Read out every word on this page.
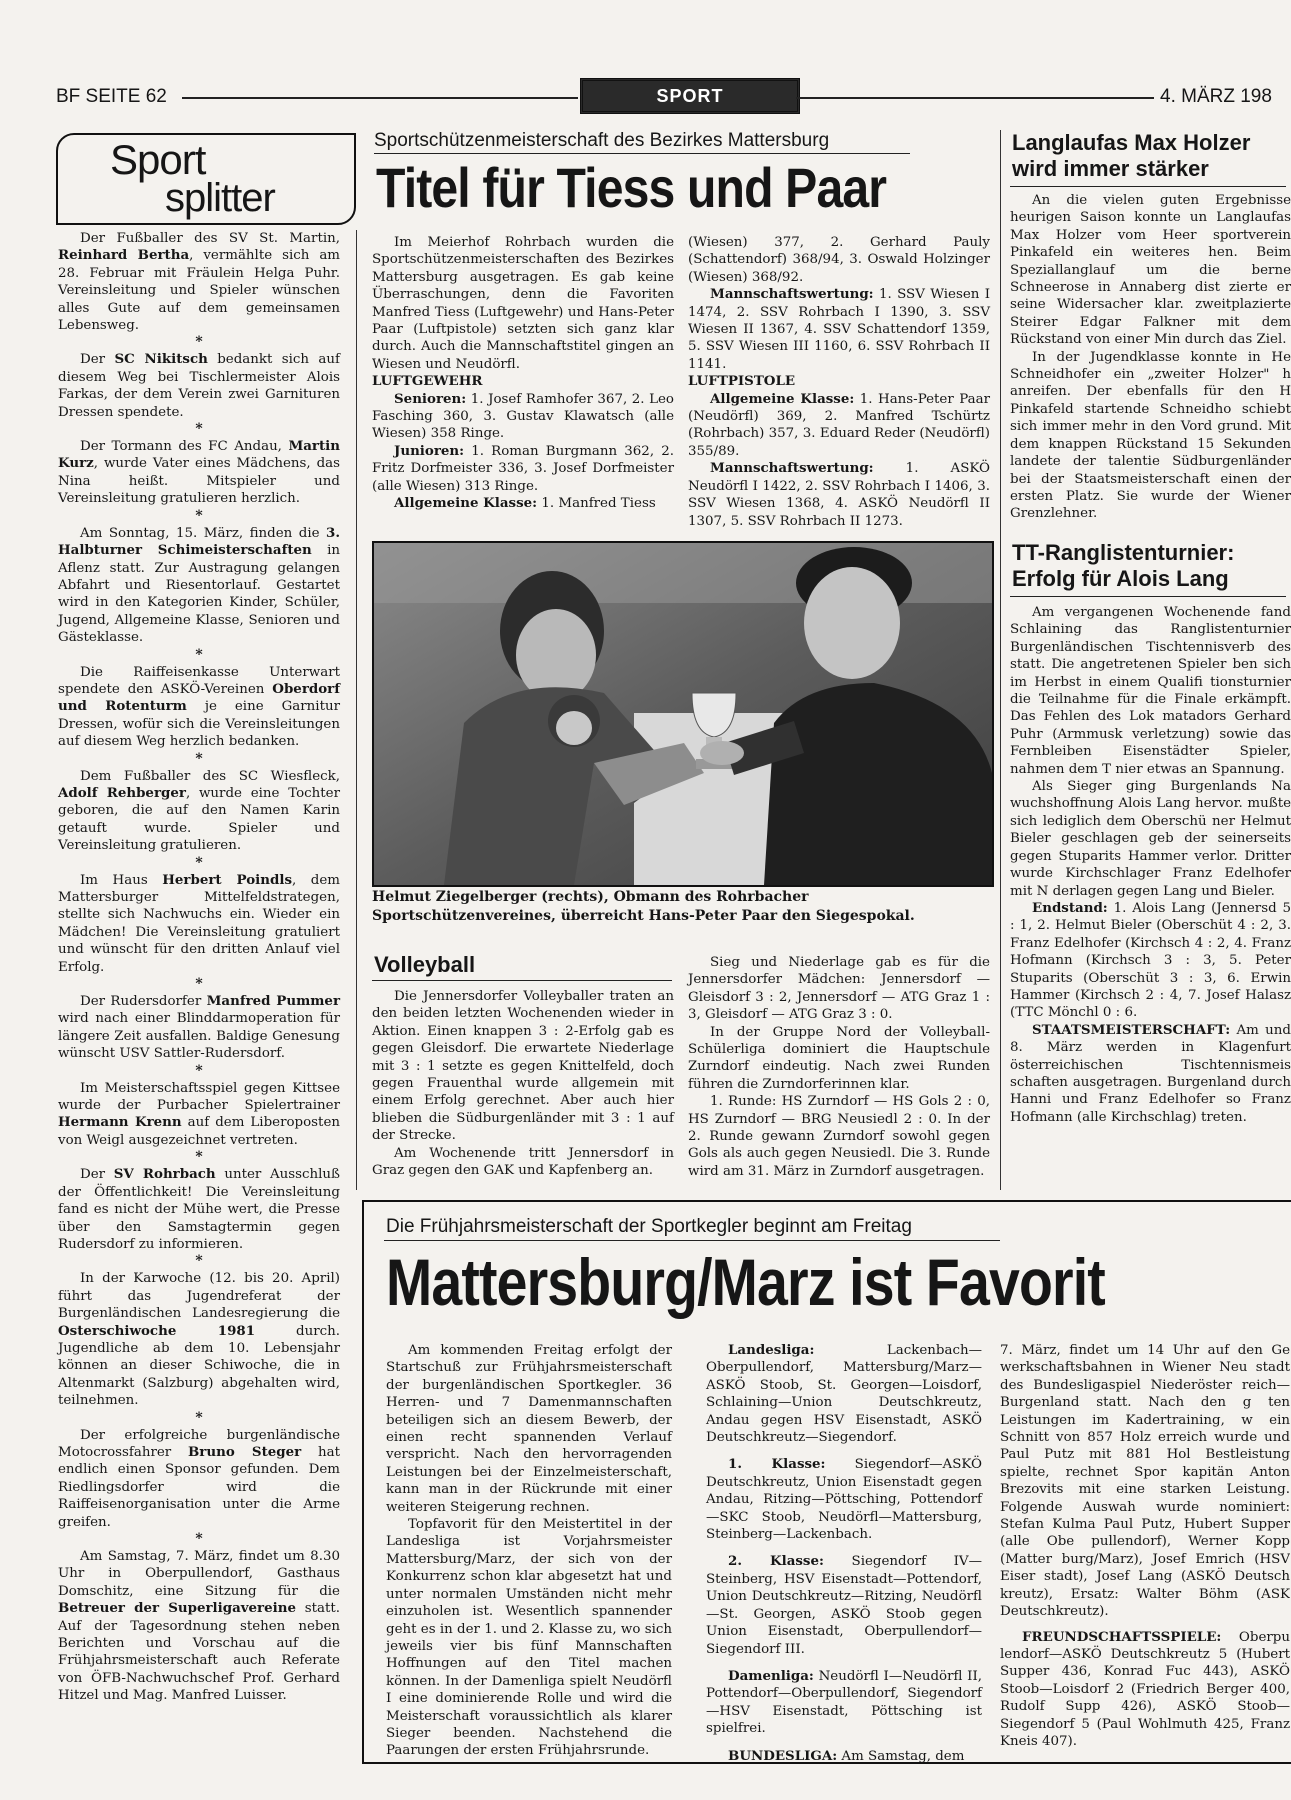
BF SEITE 62	SPORT	4. MÄRZ 198
Sport
splitter

Der Fußballer des SV St. Martin, Reinhard Bertha, vermählte sich am 28. Februar mit Fräulein Helga Puhr. Vereinsleitung und Spieler wünschen alles Gute auf dem gemeinsamen Lebensweg.

*

Der SC Nikitsch bedankt sich auf diesem Weg bei Tischlermeister Alois Farkas, der dem Verein zwei Garnituren Dressen spendete.

*

Der Tormann des FC Andau, Martin Kurz, wurde Vater eines Mädchens, das Nina heißt. Mitspieler und Vereinsleitung gratulieren herzlich.

*

Am Sonntag, 15. März, finden die 3. Halbturner Schimeisterschaften in Aflenz statt. Zur Austragung gelangen Abfahrt und Riesentorlauf. Gestartet wird in den Kategorien Kinder, Schüler, Jugend, Allgemeine Klasse, Senioren und Gästeklasse.

*

Die Raiffeisenkasse Unterwart spendete den ASKÖ-Vereinen Oberdorf und Rotenturm je eine Garnitur Dressen, wofür sich die Vereinsleitungen auf diesem Weg herzlich bedanken.

*

Dem Fußballer des SC Wiesfleck, Adolf Rehberger, wurde eine Tochter geboren, die auf den Namen Karin getauft wurde. Spieler und Vereinsleitung gratulieren.

*

Im Haus Herbert Poindls, dem Mattersburger Mittelfeldstrategen, stellte sich Nachwuchs ein. Wieder ein Mädchen! Die Vereinsleitung gratuliert und wünscht für den dritten Anlauf viel Erfolg.

*

Der Rudersdorfer Manfred Pummer wird nach einer Blinddarmoperation für längere Zeit ausfallen. Baldige Genesung wünscht USV Sattler-Rudersdorf.

*

Im Meisterschaftsspiel gegen Kittsee wurde der Purbacher Spielertrainer Hermann Krenn auf dem Liberoposten von Weigl ausgezeichnet vertreten.

*

Der SV Rohrbach unter Ausschluß der Öffentlichkeit! Die Vereinsleitung fand es nicht der Mühe wert, die Presse über den Samstagtermin gegen Rudersdorf zu informieren.

*

In der Karwoche (12. bis 20. April) führt das Jugendreferat der Burgenländischen Landesregierung die Osterschiwoche 1981 durch. Jugendliche ab dem 10. Lebensjahr können an dieser Schiwoche, die in Altenmarkt (Salzburg) abgehalten wird, teilnehmen.

*

Der erfolgreiche burgenländische Motocrossfahrer Bruno Steger hat endlich einen Sponsor gefunden. Dem Riedlingsdorfer wird die Raiffeisenorganisation unter die Arme greifen.

*

Am Samstag, 7. März, findet um 8.30 Uhr in Oberpullendorf, Gasthaus Domschitz, eine Sitzung für die Betreuer der Superligavereine statt. Auf der Tagesordnung stehen neben Berichten und Vorschau auf die Frühjahrsmeisterschaft auch Referate von ÖFB-Nachwuchschef Prof. Gerhard Hitzel und Mag. Manfred Luisser.

Sportschützenmeisterschaft des Bezirkes Mattersburg
Titel für Tiess und Paar

Im Meierhof Rohrbach wurden die Sportschützenmeisterschaften des Bezirkes Mattersburg ausgetragen. Es gab keine Überraschungen, denn die Favoriten Manfred Tiess (Luftgewehr) und Hans-Peter Paar (Luftpistole) setzten sich ganz klar durch. Auch die Mannschaftstitel gingen an Wiesen und Neudörfl.

LUFTGEWEHR

Senioren: 1. Josef Ramhofer 367, 2. Leo Fasching 360, 3. Gustav Klawatsch (alle Wiesen) 358 Ringe.

Junioren: 1. Roman Burgmann 362, 2. Fritz Dorfmeister 336, 3. Josef Dorfmeister (alle Wiesen) 313 Ringe.

Allgemeine Klasse: 1. Manfred Tiess

(Wiesen) 377, 2. Gerhard Pauly (Schattendorf) 368/94, 3. Oswald Holzinger (Wiesen) 368/92.

Mannschaftswertung: 1. SSV Wiesen I 1474, 2. SSV Rohrbach I 1390, 3. SSV Wiesen II 1367, 4. SSV Schattendorf 1359, 5. SSV Wiesen III 1160, 6. SSV Rohrbach II 1141.

LUFTPISTOLE

Allgemeine Klasse: 1. Hans-Peter Paar (Neudörfl) 369, 2. Manfred Tschürtz (Rohrbach) 357, 3. Eduard Reder (Neudörfl) 355/89.

Mannschaftswertung: 1. ASKÖ Neudörfl I 1422, 2. SSV Rohrbach I 1406, 3. SSV Wiesen 1368, 4. ASKÖ Neudörfl II 1307, 5. SSV Rohrbach II 1273.

Helmut Ziegelberger (rechts), Obmann des Rohrbacher Sportschützenvereines, überreicht Hans-Peter Paar den Siegespokal.
Langlaufas Max Holzer wird immer stärker

An die vielen guten Ergebnisse heurigen Saison konnte un Langlaufas Max Holzer vom Heer sportverein Pinkafeld ein weiteres hen. Beim Speziallanglauf um die berne Schneerose in Annaberg dist zierte er seine Widersacher klar. zweitplazierte Steirer Edgar Falkner mit dem Rückstand von einer Min durch das Ziel.

In der Jugendklasse konnte in He Schneidhofer ein „zweiter Holzer" h anreifen. Der ebenfalls für den H Pinkafeld startende Schneidho schiebt sich immer mehr in den Vord grund. Mit dem knappen Rückstand 15 Sekunden landete der talentie Südburgenländer bei der Staatsmeisterschaft einen der ersten Platz. Sie wurde der Wiener Grenzlehner.

TT-Ranglistenturnier: Erfolg für Alois Lang

Am vergangenen Wochenende fand Schlaining das Ranglistenturnier Burgenländischen Tischtennisverb des statt. Die angetretenen Spieler ben sich im Herbst in einem Qualifi tionsturnier die Teilnahme für die Finale erkämpft. Das Fehlen des Lok matadors Gerhard Puhr (Armmusk verletzung) sowie das Fernbleiben Eisenstädter Spieler, nahmen dem T nier etwas an Spannung.

Als Sieger ging Burgenlands Na wuchshoffnung Alois Lang hervor. mußte sich lediglich dem Oberschü ner Helmut Bieler geschlagen geb der seinerseits gegen Stuparits Hammer verlor. Dritter wurde Kirchschlager Franz Edelhofer mit N derlagen gegen Lang und Bieler.

Endstand: 1. Alois Lang (Jennersd 5 : 1, 2. Helmut Bieler (Oberschüt 4 : 2, 3. Franz Edelhofer (Kirchsch 4 : 2, 4. Franz Hofmann (Kirchsch 3 : 3, 5. Peter Stuparits (Oberschüt 3 : 3, 6. Erwin Hammer (Kirchsch 2 : 4, 7. Josef Halasz (TTC Mönchl 0 : 6.

STAATSMEISTERSCHAFT: Am und 8. März werden in Klagenfurt österreichischen Tischtennismeis schaften ausgetragen. Burgenland durch Hanni und Franz Edelhofer so Franz Hofmann (alle Kirchschlag) treten.

Volleyball

Die Jennersdorfer Volleyballer traten an den beiden letzten Wochenenden wieder in Aktion. Einen knappen 3 : 2-Erfolg gab es gegen Gleisdorf. Die erwartete Niederlage mit 3 : 1 setzte es gegen Knittelfeld, doch gegen Frauenthal wurde allgemein mit einem Erfolg gerechnet. Aber auch hier blieben die Südburgenländer mit 3 : 1 auf der Strecke.

Am Wochenende tritt Jennersdorf in Graz gegen den GAK und Kapfenberg an.

Sieg und Niederlage gab es für die Jennersdorfer Mädchen: Jennersdorf — Gleisdorf 3 : 2, Jennersdorf — ATG Graz 1 : 3, Gleisdorf — ATG Graz 3 : 0.

In der Gruppe Nord der Volleyball-Schülerliga dominiert die Hauptschule Zurndorf eindeutig. Nach zwei Runden führen die Zurndorferinnen klar.

1. Runde: HS Zurndorf — HS Gols 2 : 0, HS Zurndorf — BRG Neusiedl 2 : 0. In der 2. Runde gewann Zurndorf sowohl gegen Gols als auch gegen Neusiedl. Die 3. Runde wird am 31. März in Zurndorf ausgetragen.

Die Frühjahrsmeisterschaft der Sportkegler beginnt am Freitag
Mattersburg/Marz ist Favorit

Am kommenden Freitag erfolgt der Startschuß zur Frühjahrsmeisterschaft der burgenländischen Sportkegler. 36 Herren- und 7 Damenmannschaften beteiligen sich an diesem Bewerb, der einen recht spannenden Verlauf verspricht. Nach den hervorragenden Leistungen bei der Einzelmeisterschaft, kann man in der Rückrunde mit einer weiteren Steigerung rechnen.

Topfavorit für den Meistertitel in der Landesliga ist Vorjahrsmeister Mattersburg/Marz, der sich von der Konkurrenz schon klar abgesetzt hat und unter normalen Umständen nicht mehr einzuholen ist. Wesentlich spannender geht es in der 1. und 2. Klasse zu, wo sich jeweils vier bis fünf Mannschaften Hoffnungen auf den Titel machen können. In der Damenliga spielt Neudörfl I eine dominierende Rolle und wird die Meisterschaft voraussichtlich als klarer Sieger beenden. Nachstehend die Paarungen der ersten Frühjahrsrunde.

Landesliga: Lackenbach—Oberpullendorf, Mattersburg/Marz—ASKÖ Stoob, St. Georgen—Loisdorf, Schlaining—Union Deutschkreutz, Andau gegen HSV Eisenstadt, ASKÖ Deutschkreutz—Siegendorf.

1. Klasse: Siegendorf—ASKÖ Deutschkreutz, Union Eisenstadt gegen Andau, Ritzing—Pöttsching, Pottendorf—SKC Stoob, Neudörfl—Mattersburg, Steinberg—Lackenbach.

2. Klasse: Siegendorf IV—Steinberg, HSV Eisenstadt—Pottendorf, Union Deutschkreutz—Ritzing, Neudörfl—St. Georgen, ASKÖ Stoob gegen Union Eisenstadt, Oberpullendorf—Siegendorf III.

Damenliga: Neudörfl I—Neudörfl II, Pottendorf—Oberpullendorf, Siegendorf—HSV Eisenstadt, Pöttsching ist spielfrei.

BUNDESLIGA: Am Samstag, dem

7. März, findet um 14 Uhr auf den Ge werkschaftsbahnen in Wiener Neu stadt des Bundesligaspiel Niederöster reich—Burgenland statt. Nach den g ten Leistungen im Kadertraining, w ein Schnitt von 857 Holz erreich wurde und Paul Putz mit 881 Hol Bestleistung spielte, rechnet Spor kapitän Anton Brezovits mit eine starken Leistung. Folgende Auswah wurde nominiert: Stefan Kulma Paul Putz, Hubert Supper (alle Obe pullendorf), Werner Kopp (Matter burg/Marz), Josef Emrich (HSV Eiser stadt), Josef Lang (ASKÖ Deutsch kreutz), Ersatz: Walter Böhm (ASK Deutschkreutz).

FREUNDSCHAFTSSPIELE: Oberpu lendorf—ASKÖ Deutschkreutz 5 (Hubert Supper 436, Konrad Fuc 443), ASKÖ Stoob—Loisdorf 2 (Friedrich Berger 400, Rudolf Supp 426), ASKÖ Stoob—Siegendorf 5 (Paul Wohlmuth 425, Franz Kneis 407).
